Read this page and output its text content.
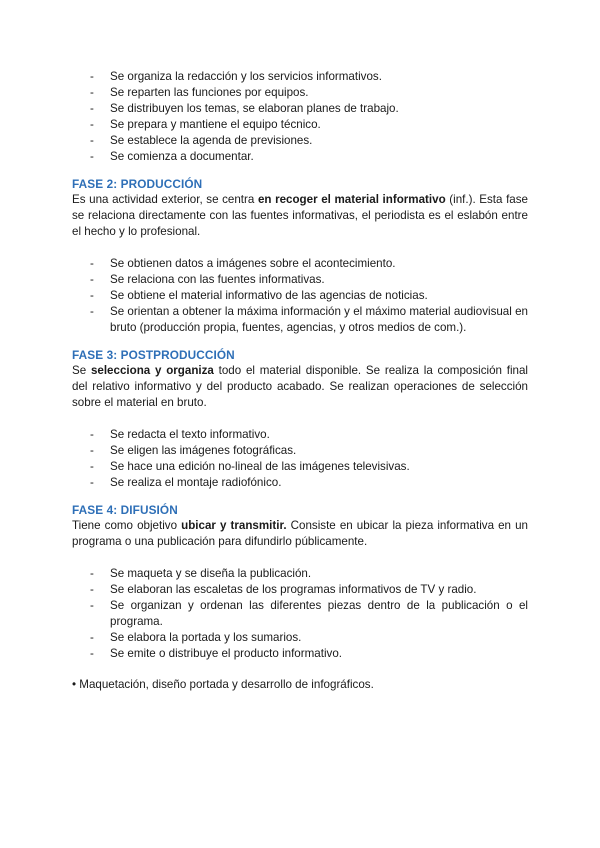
- Se organiza la redacción y los servicios informativos.
- Se reparten las funciones por equipos.
- Se distribuyen los temas, se elaboran planes de trabajo.
- Se prepara y mantiene el equipo técnico.
- Se establece la agenda de previsiones.
- Se comienza a documentar.
FASE 2: PRODUCCIÓN

Es una actividad exterior, se centra en recoger el material informativo (inf.). Esta fase se relaciona directamente con las fuentes informativas, el periodista es el eslabón entre el hecho y lo profesional.

- Se obtienen datos a imágenes sobre el acontecimiento.
- Se relaciona con las fuentes informativas.
- Se obtiene el material informativo de las agencias de noticias.
- Se orientan a obtener la máxima información y el máximo material audiovisual en bruto (producción propia, fuentes, agencias, y otros medios de com.).
FASE 3: POSTPRODUCCIÓN

Se selecciona y organiza todo el material disponible. Se realiza la composición final del relativo informativo y del producto acabado. Se realizan operaciones de selección sobre el material en bruto.

- Se redacta el texto informativo.
- Se eligen las imágenes fotográficas.
- Se hace una edición no-lineal de las imágenes televisivas.
- Se realiza el montaje radiofónico.
FASE 4: DIFUSIÓN

Tiene como objetivo ubicar y transmitir. Consiste en ubicar la pieza informativa en un programa o una publicación para difundirlo públicamente.

- Se maqueta y se diseña la publicación.
- Se elaboran las escaletas de los programas informativos de TV y radio.
- Se organizan y ordenan las diferentes piezas dentro de la publicación o el programa.
- Se elabora la portada y los sumarios.
- Se emite o distribuye el producto informativo.

• Maquetación, diseño portada y desarrollo de infográficos.
